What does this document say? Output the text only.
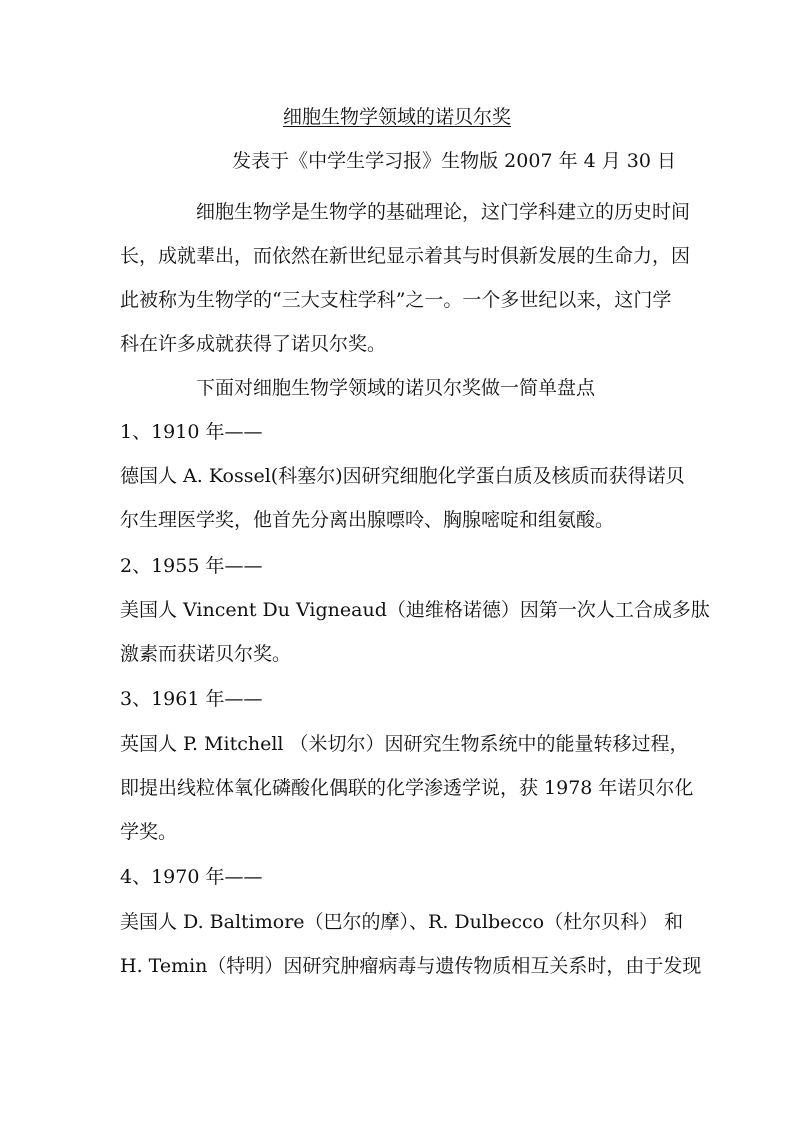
细胞生物学领域的诺贝尔奖
发表于《中学生学习报》生物版 2007 年 4 月 30 日
细胞生物学是生物学的基础理论，这门学科建立的历史时间
长，成就辈出，而依然在新世纪显示着其与时俱新发展的生命力，因
此被称为生物学的“三大支柱学科”之一。一个多世纪以来，这门学
科在许多成就获得了诺贝尔奖。
下面对细胞生物学领域的诺贝尔奖做一简单盘点
1、1910 年——
德国人 A. Kossel(科塞尔)因研究细胞化学蛋白质及核质而获得诺贝
尔生理医学奖，他首先分离出腺嘌呤、胸腺嘧啶和组氨酸。
2、1955 年——
美国人 Vincent Du Vigneaud（迪维格诺德）因第一次人工合成多肽
激素而获诺贝尔奖。
3、1961 年——
英国人 P. Mitchell （米切尔）因研究生物系统中的能量转移过程，
即提出线粒体氧化磷酸化偶联的化学渗透学说，获 1978 年诺贝尔化
学奖。
4、1970 年——
美国人 D. Baltimore（巴尔的摩）、R. Dulbecco（杜尔贝科） 和
H. Temin（特明）因研究肿瘤病毒与遗传物质相互关系时，由于发现
